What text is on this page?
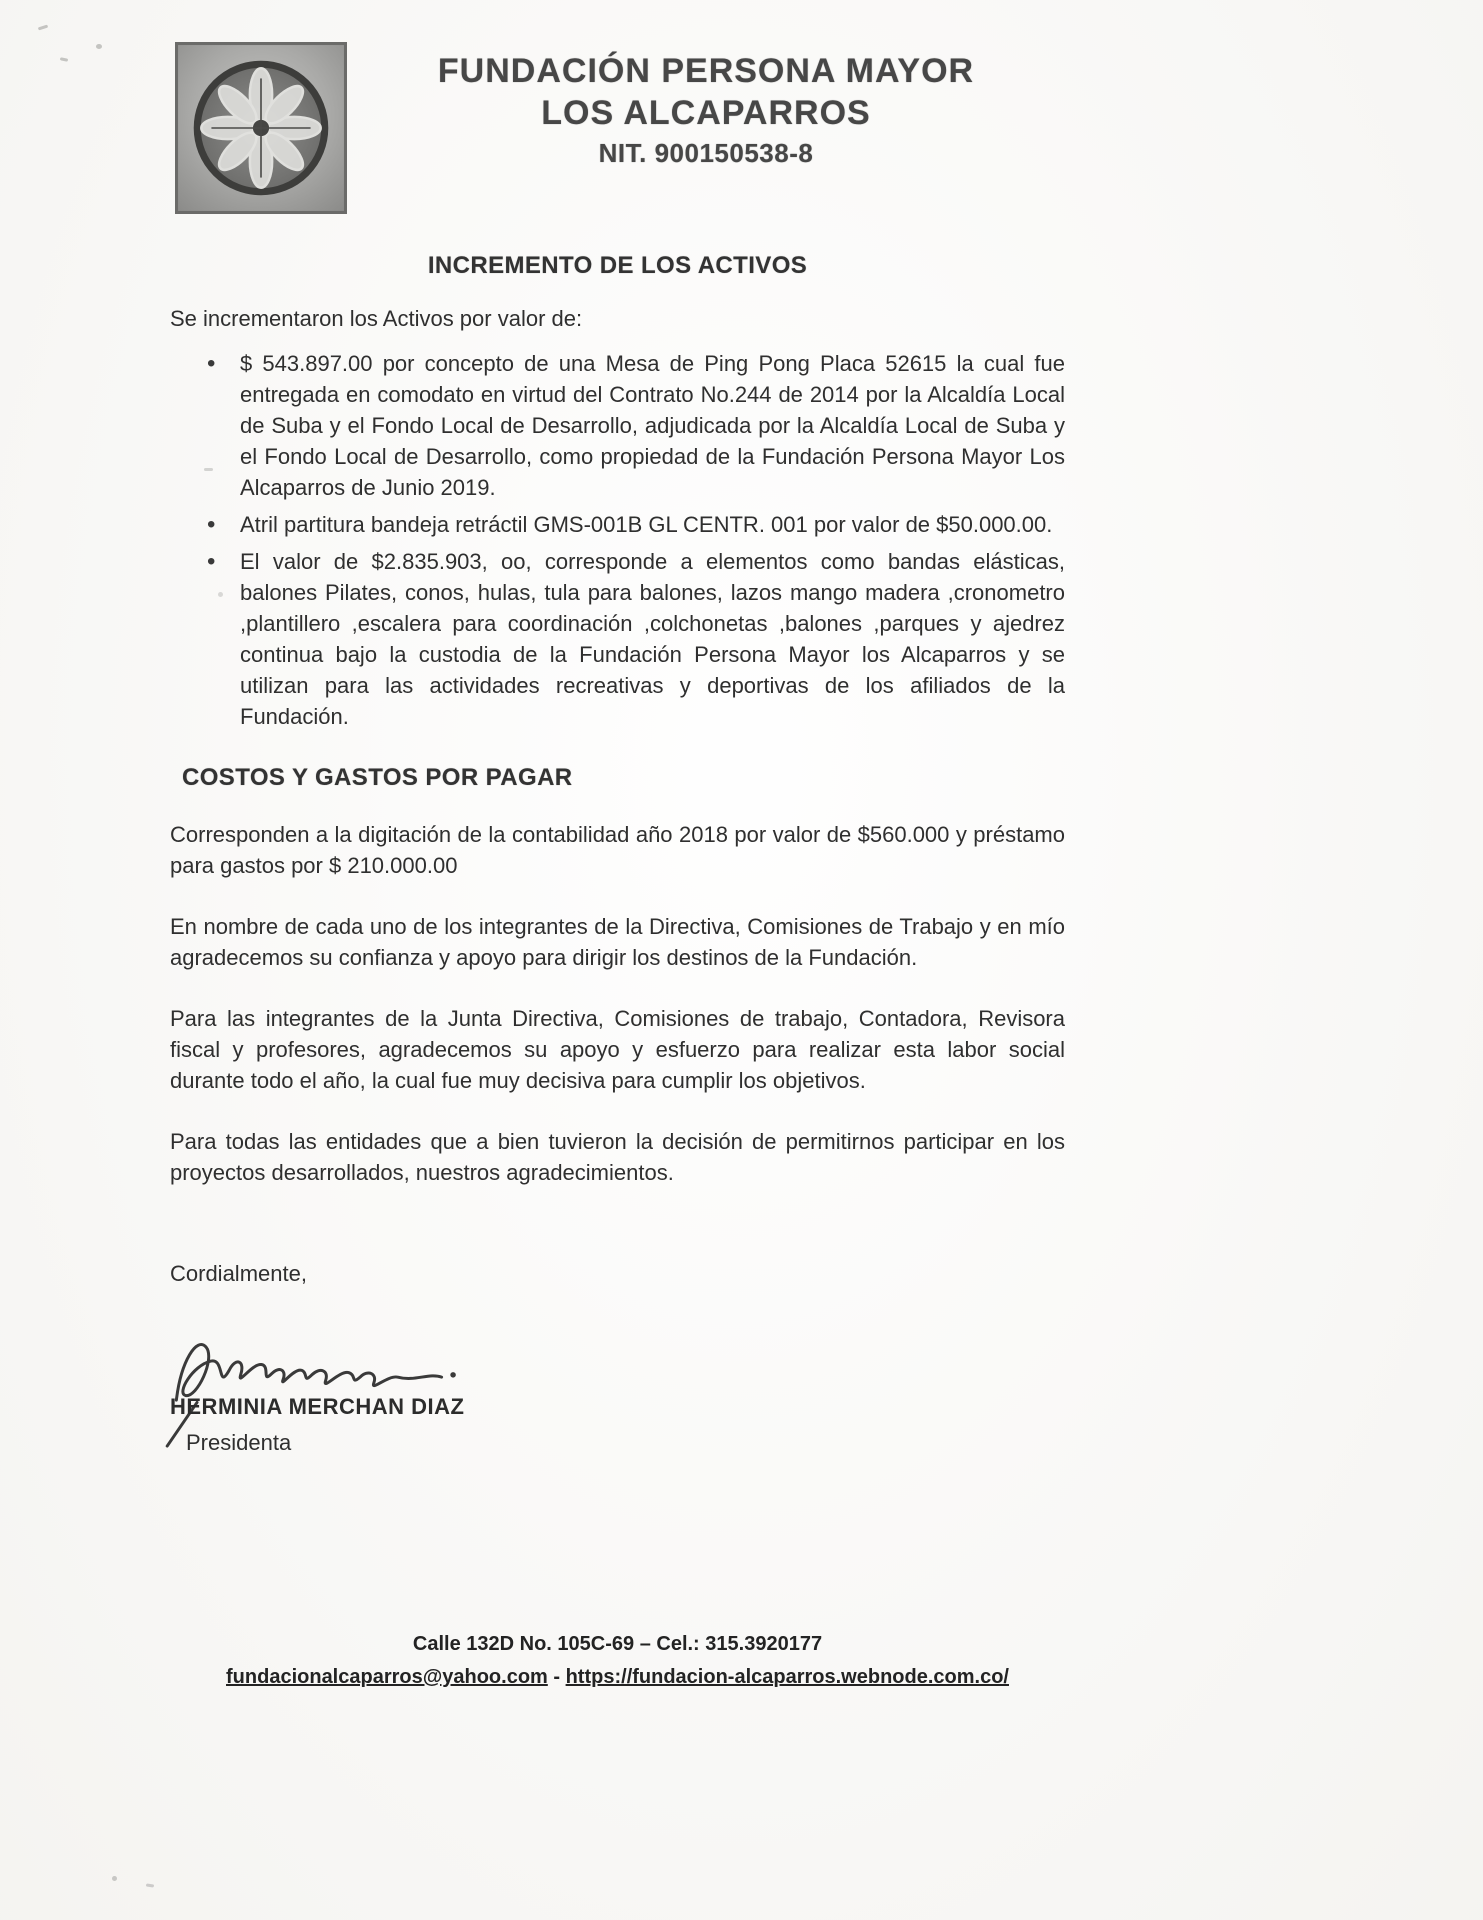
FUNDACIÓN PERSONA MAYOR
LOS ALCAPARROS
NIT. 900150538-8
INCREMENTO DE LOS ACTIVOS

Se incrementaron los Activos por valor de:

• $ 543.897.00 por concepto de una Mesa de Ping Pong Placa 52615 la cual fue entregada en comodato en virtud del Contrato No.244 de 2014 por la Alcaldía Local de Suba y el Fondo Local de Desarrollo, adjudicada por la Alcaldía Local de Suba y el Fondo Local de Desarrollo, como propiedad de la Fundación Persona Mayor Los Alcaparros de Junio 2019.
• Atril partitura bandeja retráctil GMS-001B GL CENTR. 001 por valor de $50.000.00.
• El valor de $2.835.903, oo, corresponde a elementos como bandas elásticas, balones Pilates, conos, hulas, tula para balones, lazos mango madera ,cronometro ,plantillero ,escalera para coordinación ,colchonetas ,balones ,parques y ajedrez continua bajo la custodia de la Fundación Persona Mayor los Alcaparros y se utilizan para las actividades recreativas y deportivas de los afiliados de la Fundación.
COSTOS Y GASTOS POR PAGAR

Corresponden a la digitación de la contabilidad año 2018 por valor de $560.000 y préstamo para gastos por $ 210.000.00

En nombre de cada uno de los integrantes de la Directiva, Comisiones de Trabajo y en mío agradecemos su confianza y apoyo para dirigir los destinos de la Fundación.

Para las integrantes de la Junta Directiva, Comisiones de trabajo, Contadora, Revisora fiscal y profesores, agradecemos su apoyo y esfuerzo para realizar esta labor social durante todo el año, la cual fue muy decisiva para cumplir los objetivos.

Para todas las entidades que a bien tuvieron la decisión de permitirnos participar en los proyectos desarrollados, nuestros agradecimientos.

Cordialmente,

HERMINIA MERCHAN DIAZ
Presidenta
Calle 132D No. 105C-69 – Cel.: 315.3920177
fundacionalcaparros@yahoo.com - https://fundacion-alcaparros.webnode.com.co/
